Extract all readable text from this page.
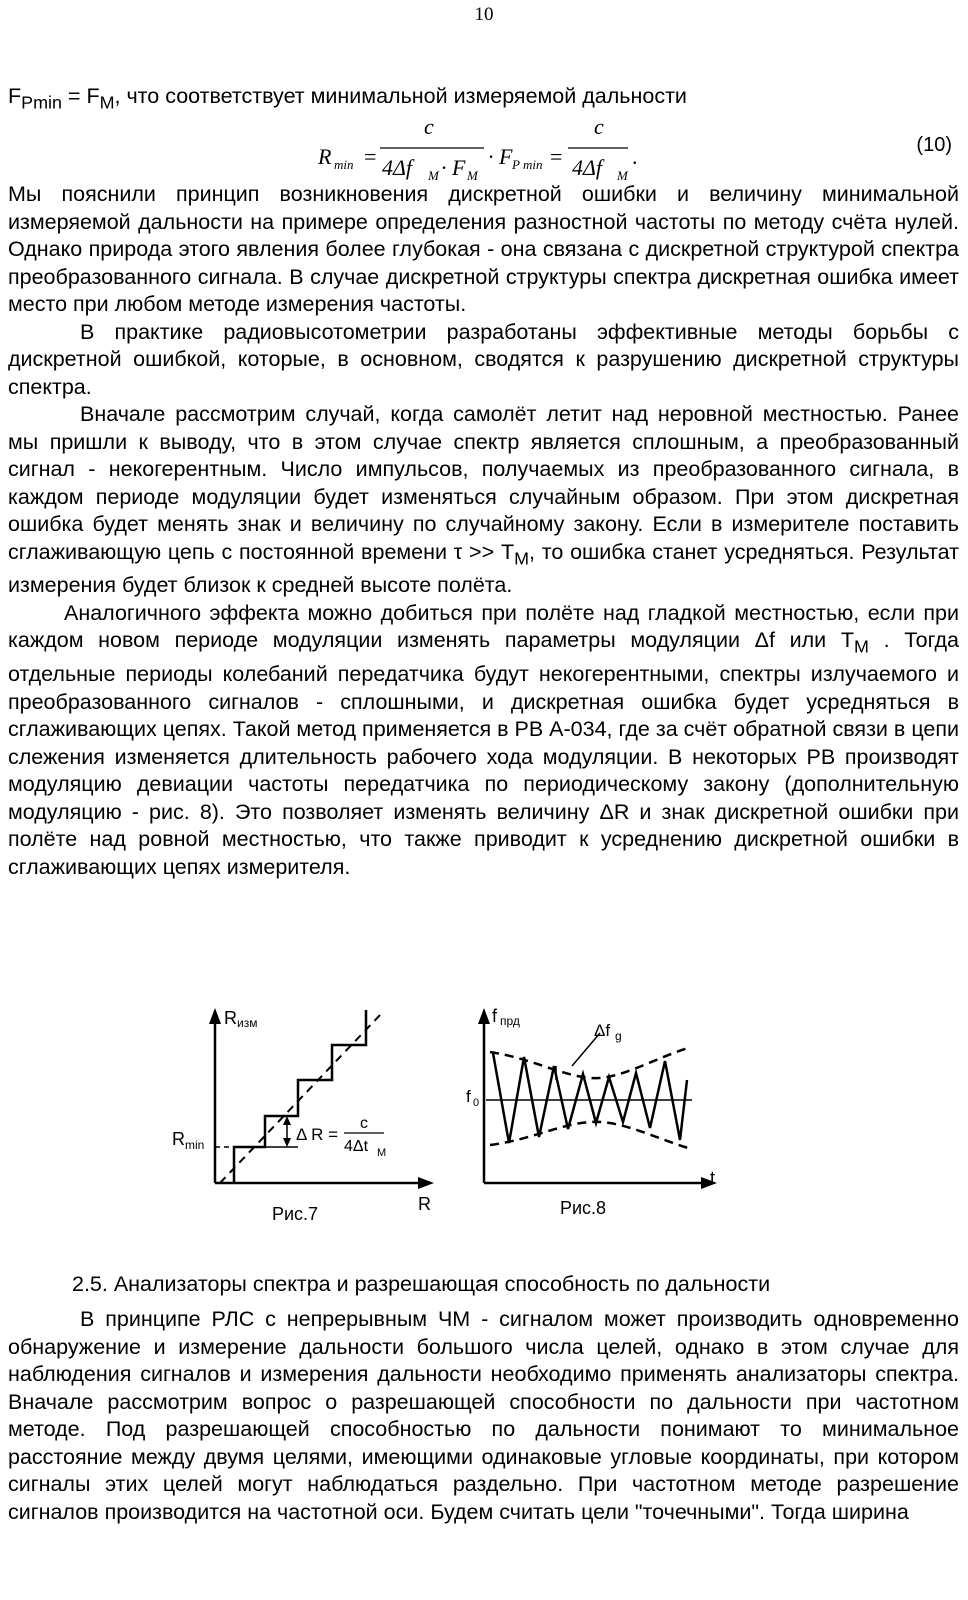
10
$F_{Pmin} = F_M$, что соответствует минимальной измеряемой дальности
R min =
c
4Δf M · F M
· F P min =
c
4Δf M
.	(10)

Мы пояснили принцип возникновения дискретной ошибки и величину минимальной измеряемой дальности на примере определения разностной частоты по методу счёта нулей. Однако природа этого явления более глубокая - она связана с дискретной структурой спектра преобразованного сигнала. В случае дискретной структуры спектра дискретная ошибка имеет место при любом методе измерения частоты.

В практике радиовысотометрии разработаны эффективные методы борьбы с дискретной ошибкой, которые, в основном, сводятся к разрушению дискретной структуры спектра.

Вначале рассмотрим случай, когда самолёт летит над неровной местностью. Ранее мы пришли к выводу, что в этом случае спектр является сплошным, а преобразованный сигнал - некогерентным. Число импульсов, получаемых из преобразованного сигнала, в каждом периоде модуляции будет изменяться случайным образом. При этом дискретная ошибка будет менять знак и величину по случайному закону. Если в измерителе поставить сглаживающую цепь с постоянной времени $\tau >> T_M$, то ошибка станет усредняться. Результат измерения будет близок к средней высоте полёта.

Аналогичного эффекта можно добиться при полёте над гладкой местностью, если при каждом новом периоде модуляции изменять параметры модуляции Δf или $T_M$ . Тогда отдельные периоды колебаний передатчика будут некогерентными, спектры излучаемого и преобразованного сигналов - сплошными, и дискретная ошибка будет усредняться в сглаживающих цепях. Такой метод применяется в РВ А-034, где за счёт обратной связи в цепи слежения изменяется длительность рабочего хода модуляции. В некоторых РВ производят модуляцию девиации частоты передатчика по периодическому закону (дополнительную модуляцию - рис. 8). Это позволяет изменять величину ΔR и знак дискретной ошибки при полёте над ровной местностью, что также приводит к усреднению дискретной ошибки в сглаживающих цепях измерителя.

R изм
R
R min
Δ R =
c
4Δt M
Рис.7
f прд
t
f 0
Δf g
Рис.8
2.5. Анализаторы спектра и разрешающая способность по дальности

В принципе РЛС с непрерывным ЧМ - сигналом может производить одновременно обнаружение и измерение дальности большого числа целей, однако в этом случае для наблюдения сигналов и измерения дальности необходимо применять анализаторы спектра. Вначале рассмотрим вопрос о разрешающей способности по дальности при частотном методе. Под разрешающей способностью по дальности понимают то минимальное расстояние между двумя целями, имеющими одинаковые угловые координаты, при котором сигналы этих целей могут наблюдаться раздельно. При частотном методе разрешение сигналов производится на частотной оси. Будем считать цели "точечными". Тогда ширина
